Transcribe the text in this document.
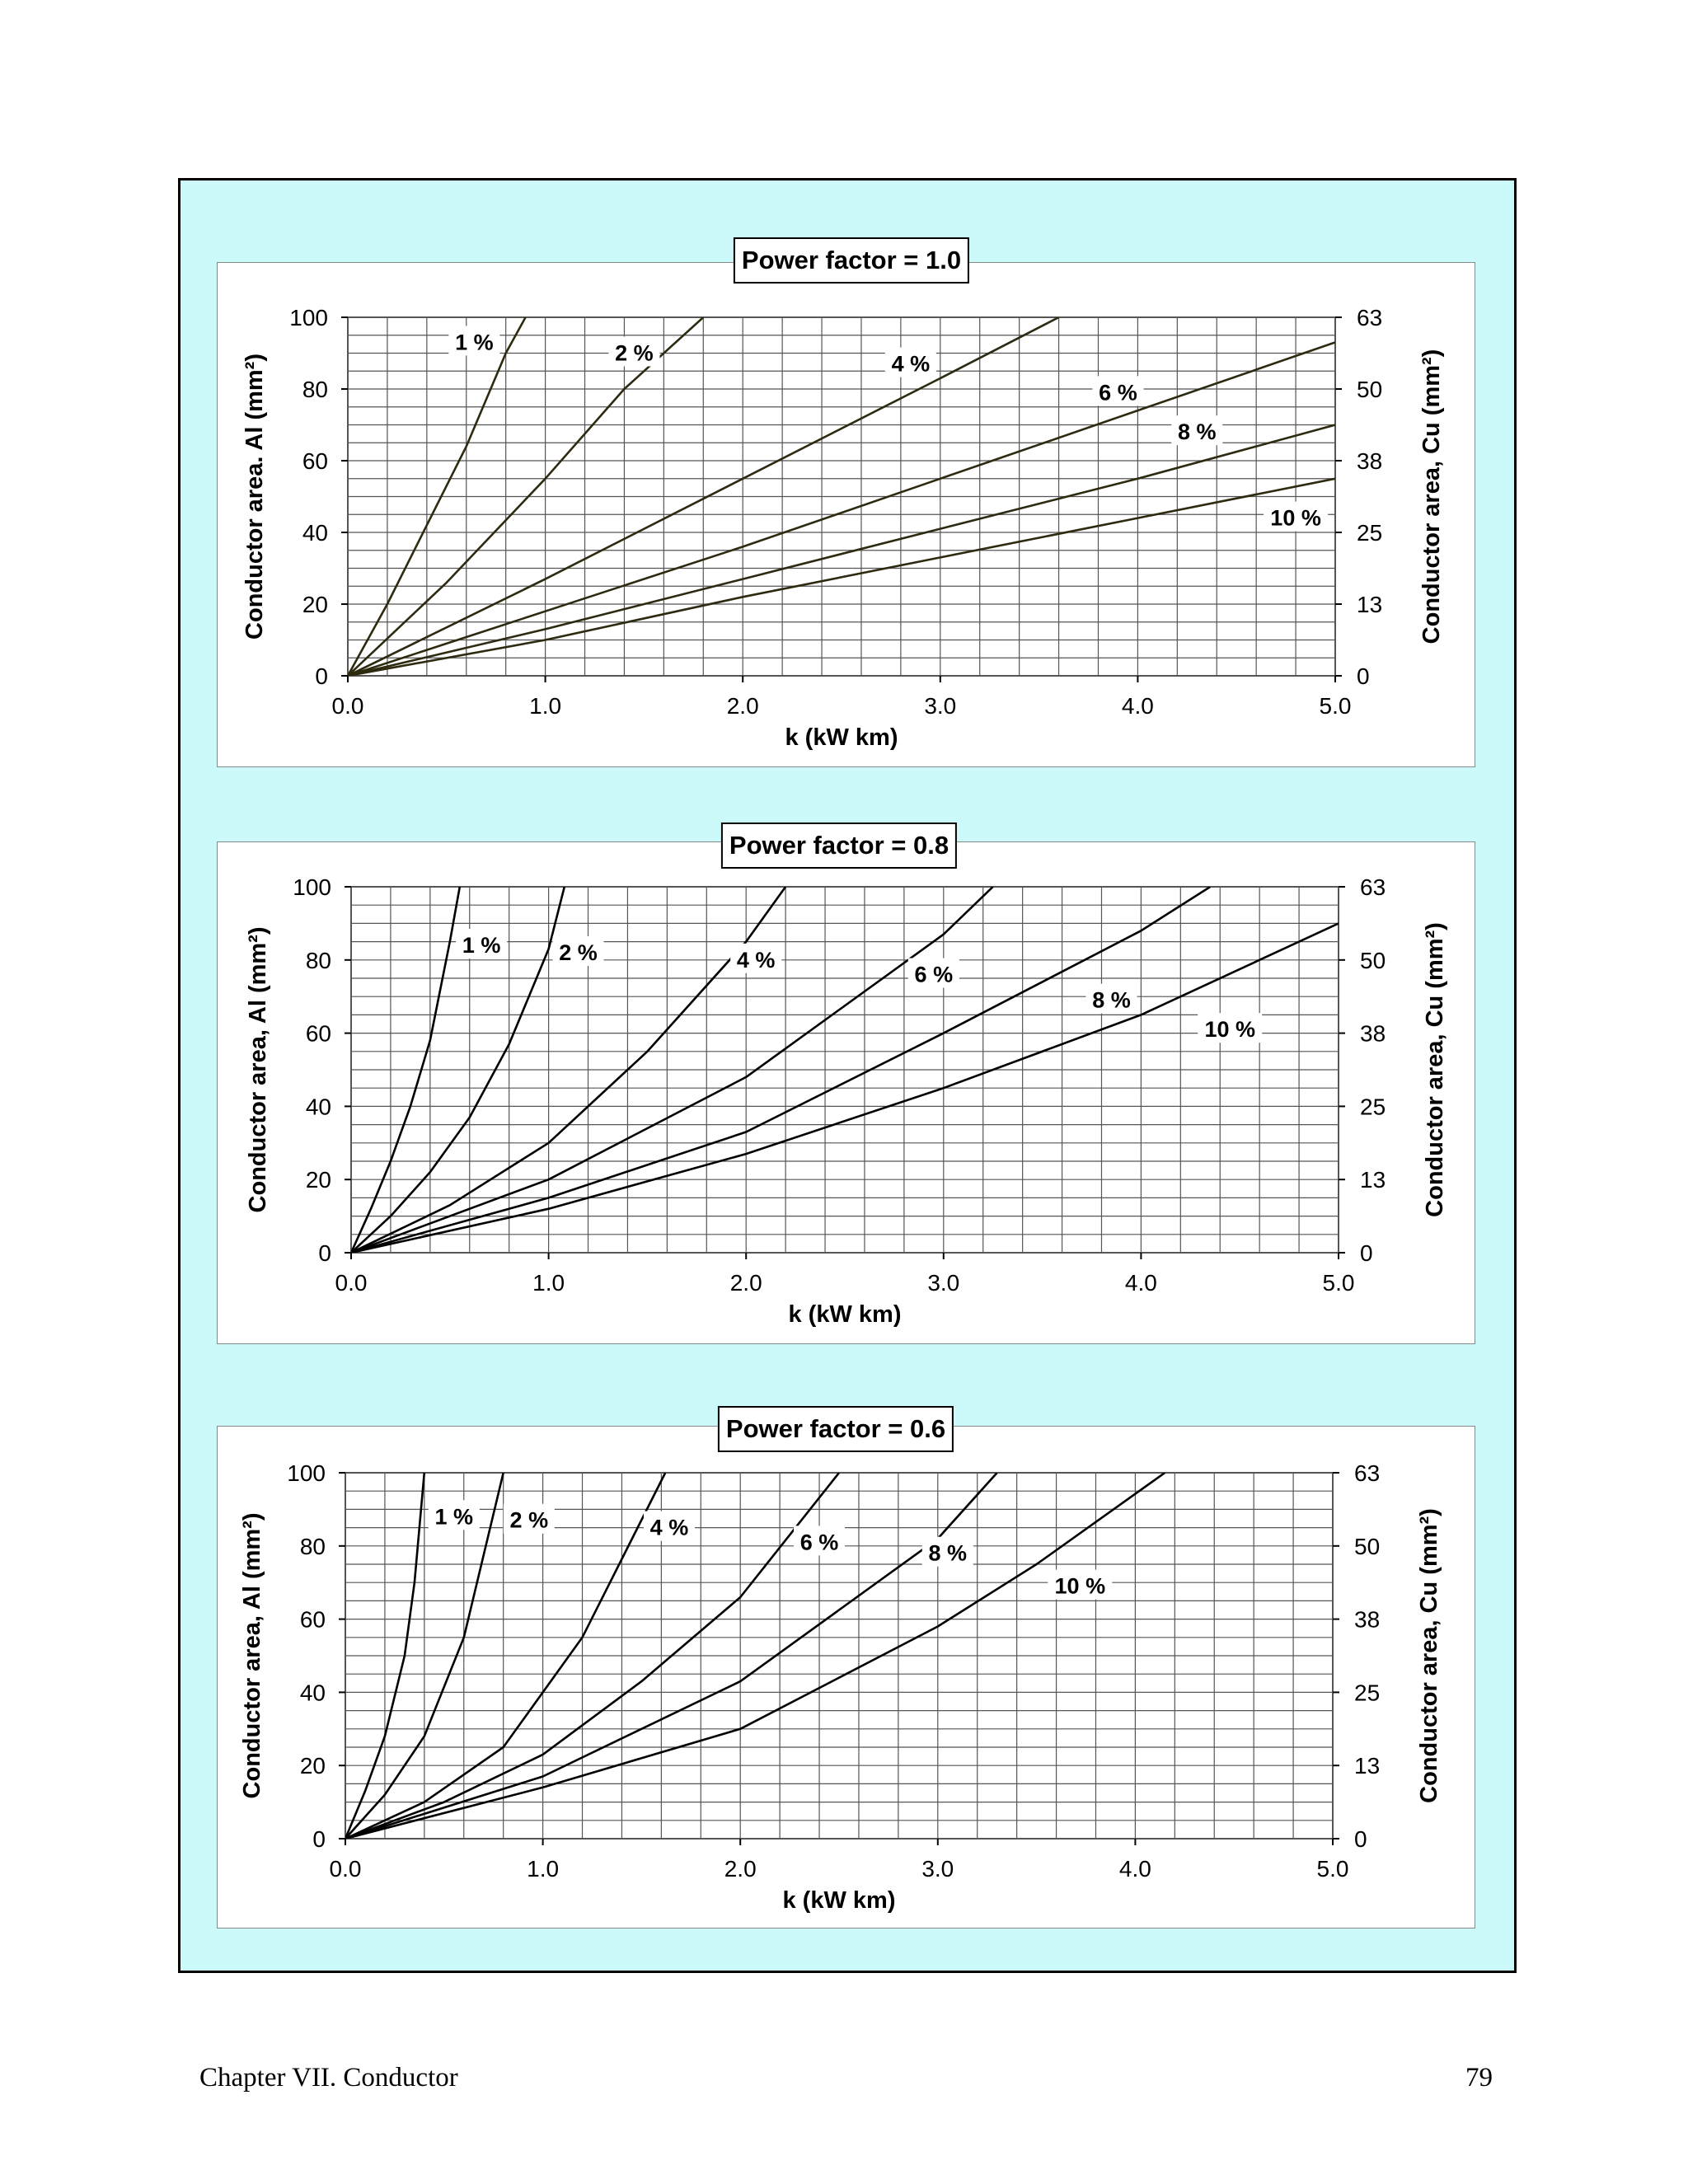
0.0	1.0	2.0	3.0	4.0	5.0
0
20
40
60
80
100
0
13
25
38
50
63
k (kW km)
Conductor area. Al (mm²)	Conductor area, Cu (mm²)
1 %	2 %	4 %
6 %
8 %
10 %
Power factor = 1.0
0.0	1.0	2.0	3.0	4.0	5.0
0
20
40
60
80
100
0
13
25
38
50
63
k (kW km)
Conductor area, Al (mm²)	Conductor area, Cu (mm²)
1 %	2 %	4 %
6 %
8 %
10 %
Power factor = 0.8
0.0	1.0	2.0	3.0	4.0	5.0
0
20
40
60
80
100
0
13
25
38
50
63
k (kW km)
Conductor area, Al (mm²)	Conductor area, Cu (mm²)
1 % 2 %	4 %
6 %	8 %
10 %
Power factor = 0.6
Chapter VII. Conductor	79
